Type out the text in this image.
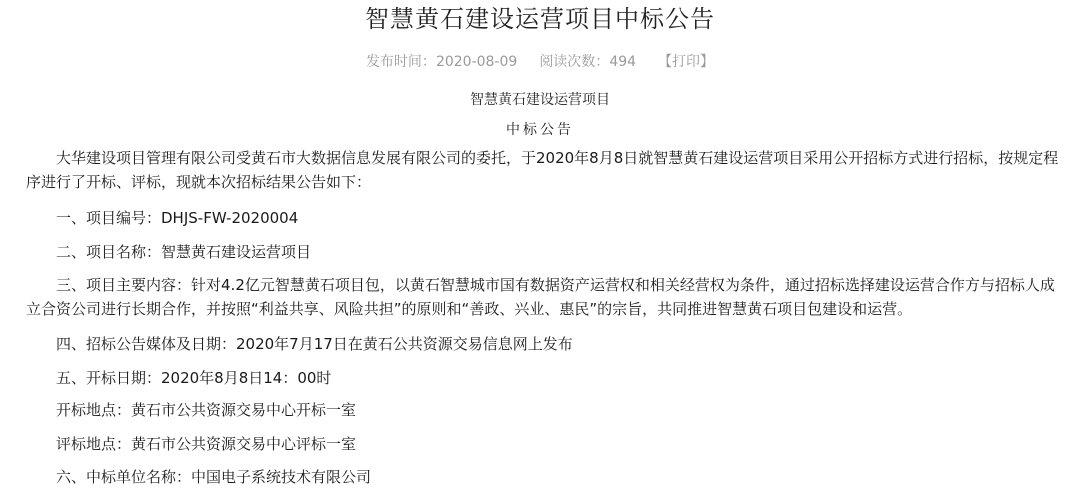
智慧黄石建设运营项目中标公告
发布时间：2020-08-09 阅读次数：494 【打印】
智慧黄石建设运营项目
中标公告

大华建设项目管理有限公司受黄石市大数据信息发展有限公司的委托，于2020年8月8日就智慧黄石建设运营项目采用公开招标方式进行招标，按规定程序进行了开标、评标，现就本次招标结果公告如下：

一、项目编号：DHJS-FW-2020004

二、项目名称：智慧黄石建设运营项目

三、项目主要内容：针对4.2亿元智慧黄石项目包，以黄石智慧城市国有数据资产运营权和相关经营权为条件，通过招标选择建设运营合作方与招标人成立合资公司进行长期合作，并按照“利益共享、风险共担”的原则和“善政、兴业、惠民”的宗旨，共同推进智慧黄石项目包建设和运营。

四、招标公告媒体及日期：2020年7月17日在黄石公共资源交易信息网上发布

五、开标日期：2020年8月8日14：00时

开标地点：黄石市公共资源交易中心开标一室

评标地点：黄石市公共资源交易中心评标一室

六、中标单位名称：中国电子系统技术有限公司
